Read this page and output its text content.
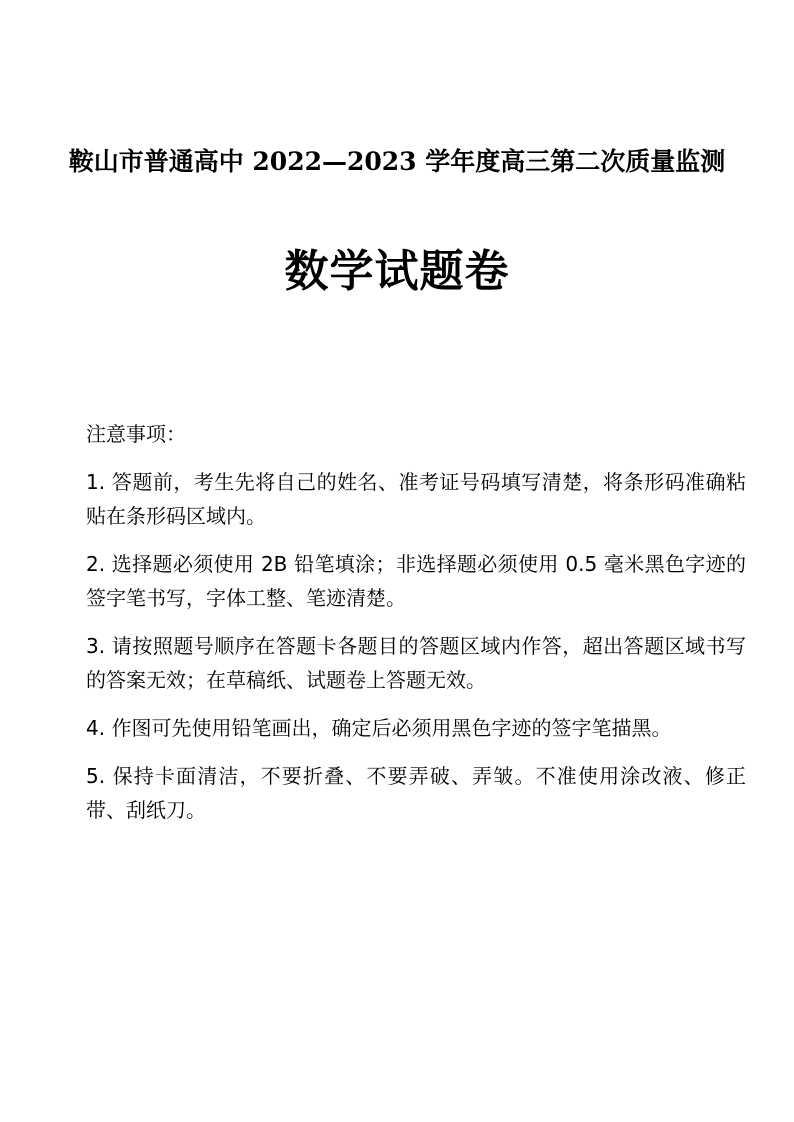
鞍山市普通高中 2022—2023 学年度高三第二次质量监测
数学试题卷
注意事项：
1. 答题前，考生先将自己的姓名、准考证号码填写清楚，将条形码准确粘贴在条形码区域内。
2. 选择题必须使用 2B 铅笔填涂；非选择题必须使用 0.5 毫米黑色字迹的签字笔书写，字体工整、笔迹清楚。
3. 请按照题号顺序在答题卡各题目的答题区域内作答，超出答题区域书写的答案无效；在草稿纸、试题卷上答题无效。
4. 作图可先使用铅笔画出，确定后必须用黑色字迹的签字笔描黑。
5. 保持卡面清洁，不要折叠、不要弄破、弄皱。不准使用涂改液、修正带、刮纸刀。
